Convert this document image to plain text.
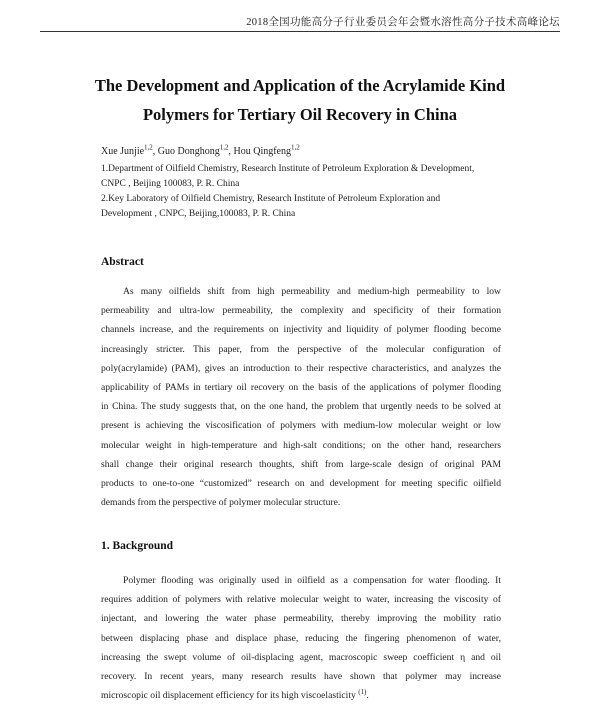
2018全国功能高分子行业委员会年会暨水溶性高分子技术高峰论坛
The Development and Application of the Acrylamide Kind
Polymers for Tertiary Oil Recovery in China
Xue Junjie$^{1,2}$, Guo Donghong$^{1,2}$, Hou Qingfeng$^{1,2}$
1.Department of Oilfield Chemistry, Research Institute of Petroleum Exploration & Development,
CNPC , Beijing 100083, P. R. China
2.Key Laboratory of Oilfield Chemistry, Research Institute of Petroleum Exploration and
Development , CNPC, Beijing,100083, P. R. China
Abstract
As many oilfields shift from high permeability and medium-high permeability to low
permeability and ultra-low permeability, the complexity and specificity of their formation
channels increase, and the requirements on injectivity and liquidity of polymer flooding become
increasingly stricter. This paper, from the perspective of the molecular configuration of
poly(acrylamide) (PAM), gives an introduction to their respective characteristics, and analyzes the
applicability of PAMs in tertiary oil recovery on the basis of the applications of polymer flooding
in China. The study suggests that, on the one hand, the problem that urgently needs to be solved at
present is achieving the viscosification of polymers with medium-low molecular weight or low
molecular weight in high-temperature and high-salt conditions; on the other hand, researchers
shall change their original research thoughts, shift from large-scale design of original PAM
products to one-to-one “customized” research on and development for meeting specific oilfield
demands from the perspective of polymer molecular structure.
1. Background
Polymer flooding was originally used in oilfield as a compensation for water flooding. It
requires addition of polymers with relative molecular weight to water, increasing the viscosity of
injectant, and lowering the water phase permeability, thereby improving the mobility ratio
between displacing phase and displace phase, reducing the fingering phenomenon of water,
increasing the swept volume of oil-displacing agent, macroscopic sweep coefficient η and oil
recovery. In recent years, many research results have shown that polymer may increase
microscopic oil displacement efficiency for its high viscoelasticity $^{(1)}$.
